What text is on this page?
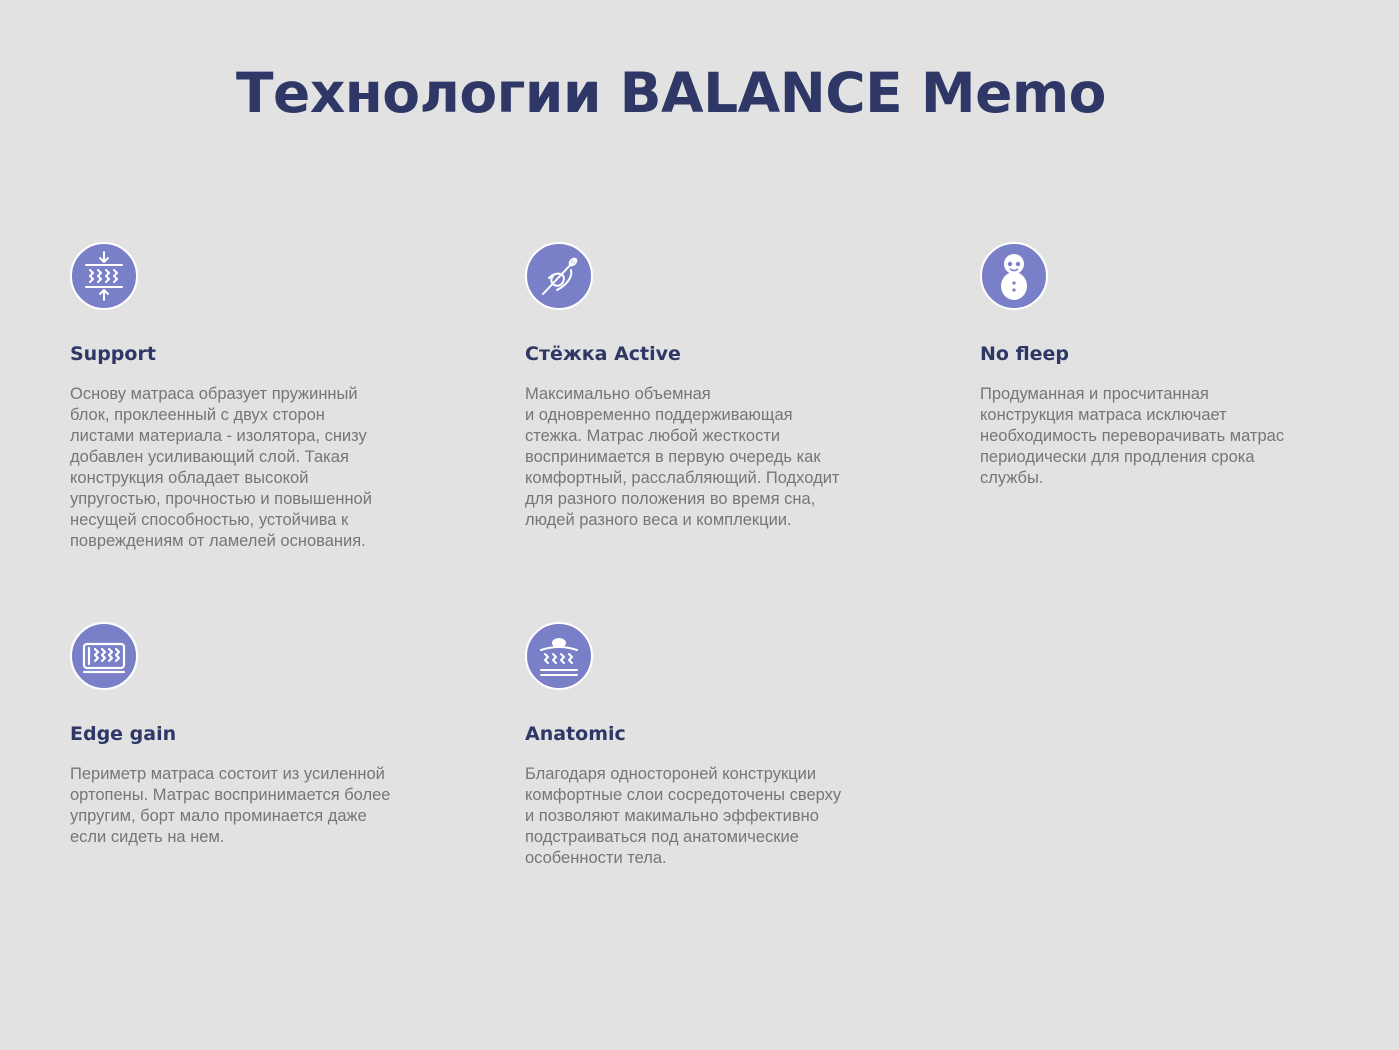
Технологии BALANCE Memo
Support
Основу матраса образует пружинный
блок, проклеенный с двух сторон
листами материала - изолятора, снизу
добавлен усиливающий слой. Такая
конструкция обладает высокой
упругостью, прочностью и повышенной
несущей способностью, устойчива к
повреждениям от ламелей основания.
Стёжка Active
Максимально объемная
и одновременно поддерживающая
стежка. Матрас любой жесткости
воспринимается в первую очередь как
комфортный, расслабляющий. Подходит
для разного положения во время сна,
людей разного веса и комплекции.
No fleep
Продуманная и просчитанная
конструкция матраса исключает
необходимость переворачивать матрас
периодически для продления срока
службы.
Edge gain
Периметр матраса состоит из усиленной
ортопены. Матрас воспринимается более
упругим, борт мало проминается даже
если сидеть на нем.
Anatomic
Благодаря одностороней конструкции
комфортные слои сосредоточены сверху
и позволяют макимально эффективно
подстраиваться под анатомические
особенности тела.
